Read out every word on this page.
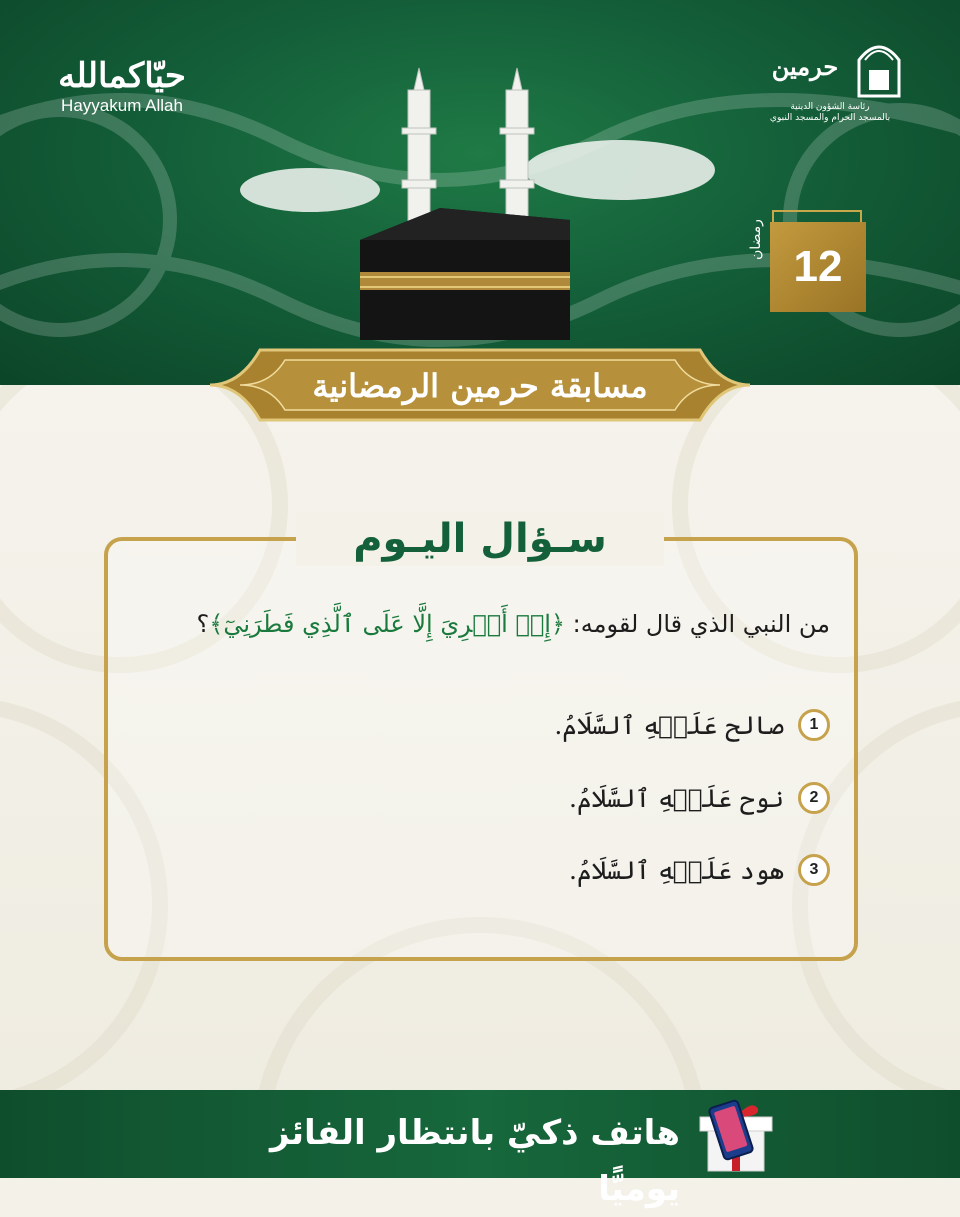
حيّاكمالله
Hayyakum Allah
حرمين
رئاسة الشؤون الدينية
بالمسجد الحرام والمسجد النبوي
12
رمضان
مسابقة حرمين الرمضانية
سـؤال اليـوم
من النبي الذي قال لقومه: ﴿إِنۡ أَجۡرِيَ إِلَّا عَلَى ٱلَّذِي فَطَرَنِيٓ﴾؟
1
صالح عَلَيۡهِ ٱلسَّلَامُ.
2
نوح عَلَيۡهِ ٱلسَّلَامُ.
3
هود عَلَيۡهِ ٱلسَّلَامُ.
هاتف ذكيّ بانتظار الفائز يوميًّا
